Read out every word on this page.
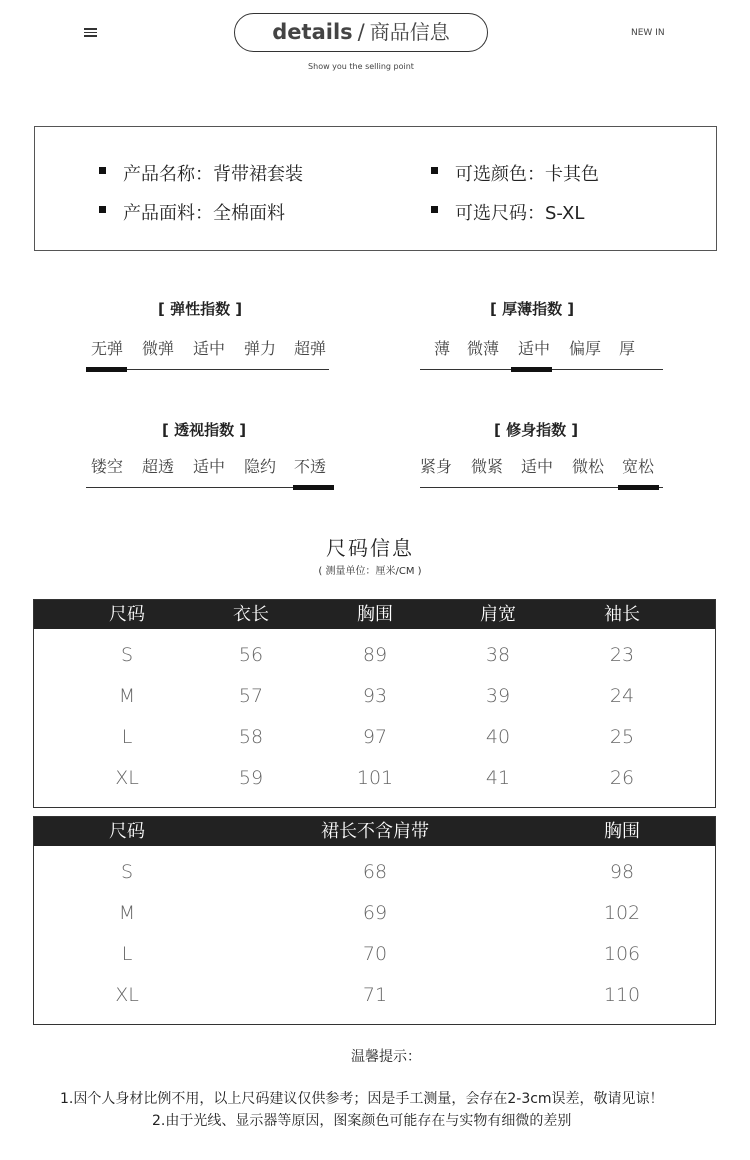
details / 商品信息	NEW IN
Show you the selling point
产品名称：背带裙套装
产品面料：全棉面料
可选颜色：卡其色
可选尺码：S-XL
[ 弹性指数 ]
无弹 微弹 适中 弹力 超弹
[ 厚薄指数 ]
薄 微薄 适中 偏厚 厚
[ 透视指数 ]
镂空 超透 适中 隐约 不透
[ 修身指数 ]
紧身 微紧 适中 微松 宽松
尺码信息
( 测量单位：厘米/CM )
尺码	衣长	胸围	肩宽	袖长
S	56	89	38	23
M	57	93	39	24
L	58	97	40	25
XL	59	101	41	26
尺码	裙长不含肩带	胸围
S	68	98
M	69	102
L	70	106
XL	71	110
温馨提示：
1.因个人身材比例不用，以上尺码建议仅供参考；因是手工测量，会存在2-3cm误差，敬请见谅！
2.由于光线、显示器等原因，图案颜色可能存在与实物有细微的差别
